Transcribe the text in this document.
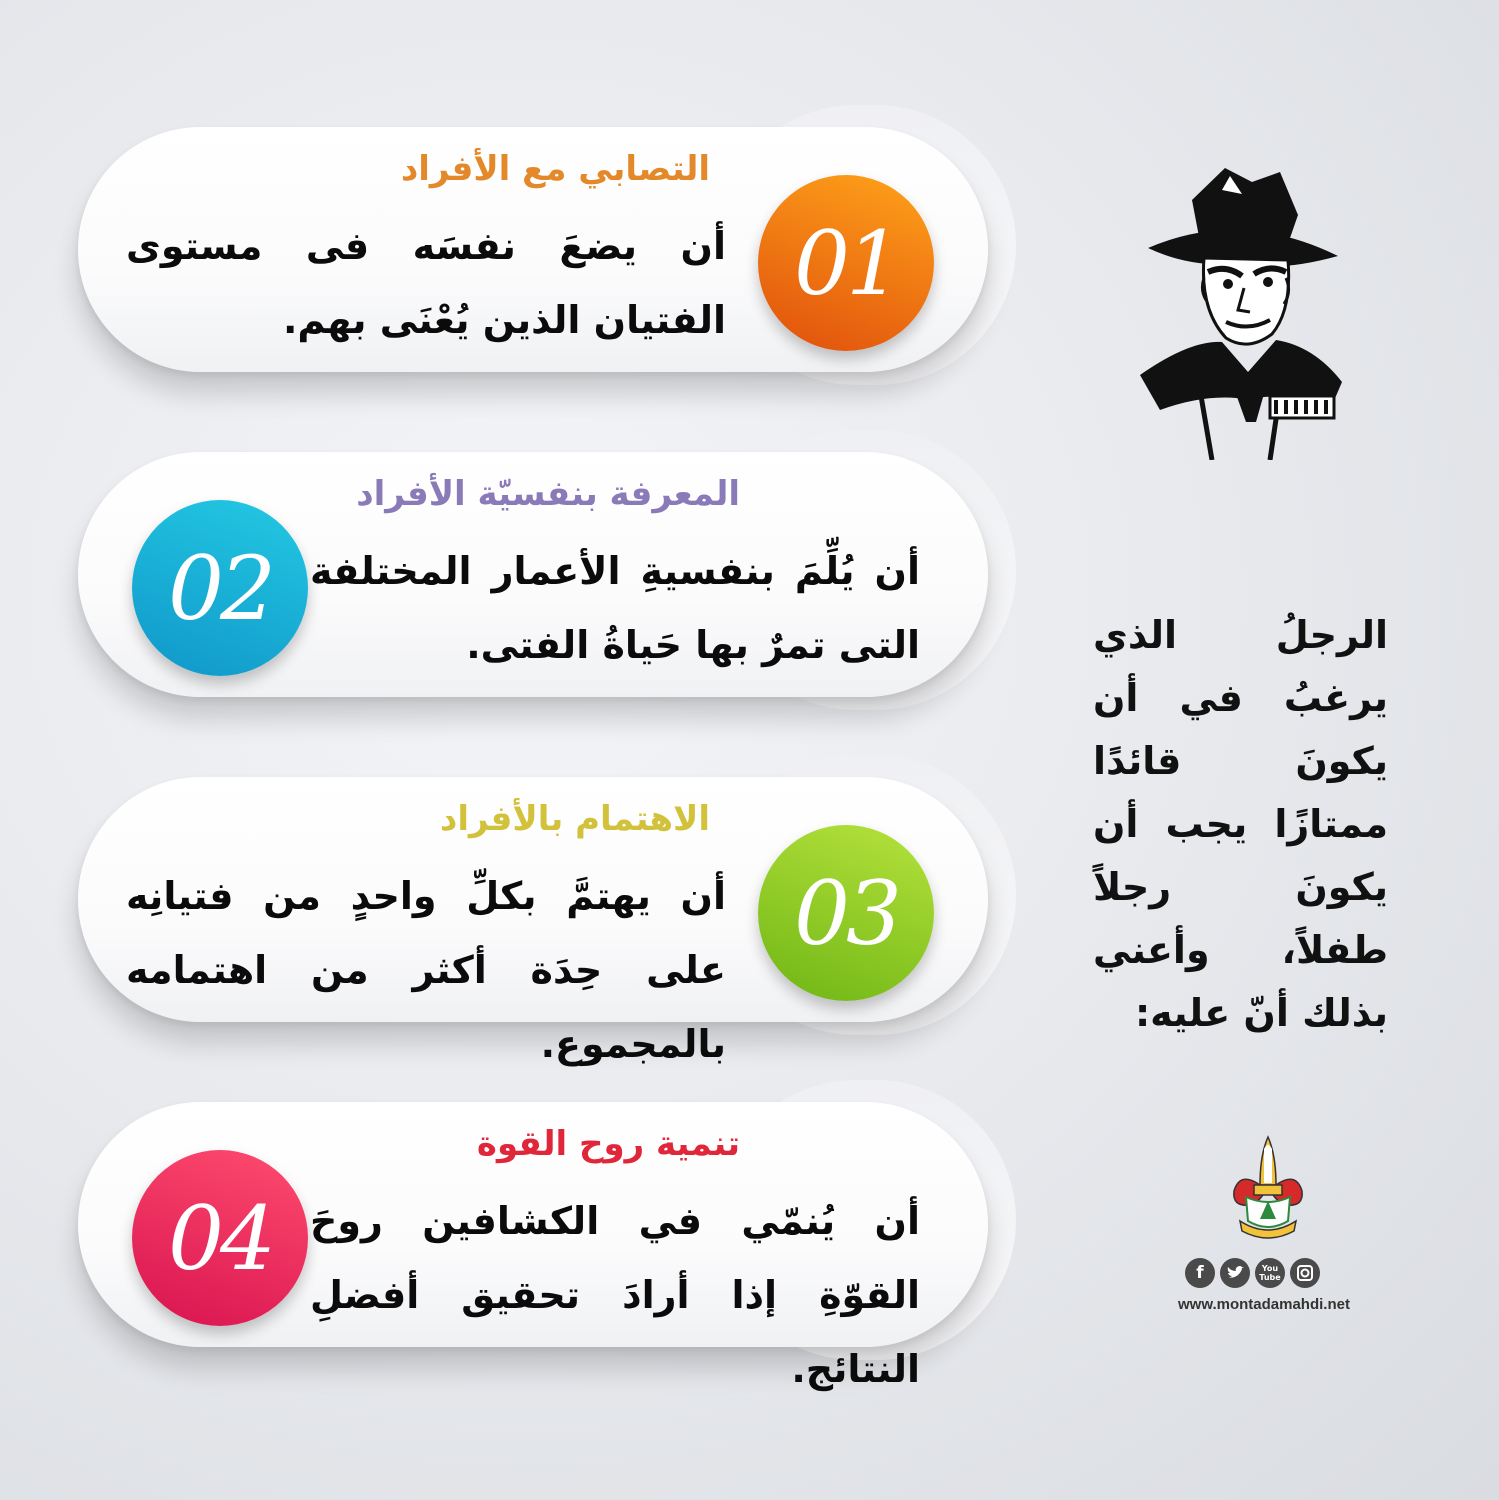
التصابي مع الأفراد
أن يضعَ نفسَه فى مستوى الفتيان الذين يُعْنَى بهم.
01
المعرفة بنفسيّة الأفراد
أن يُلِّمَ بنفسيةِ الأعمار المختلفة التى تمرٌ بها حَياةُ الفتى.
02
الاهتمام بالأفراد
أن يهتمَّ بكلِّ واحدٍ من فتيانِه على حِدَة أكثر من اهتمامه بالمجموع.
03
تنمية روح القوة
أن يُنمّي ﻓﻲ الكشافين روحَ القوّةِ إذا أرادَ تحقيق أفضلِ النتائج.
04
الرجلُ الذي يرغبُ ﻓﻲ أن يكونَ قائدًا ممتازًا يجب أن يكونَ رجلاً طفلاً، وأعني بذلك أنّ عليه:
f	You Tube
www.montadamahdi.net
